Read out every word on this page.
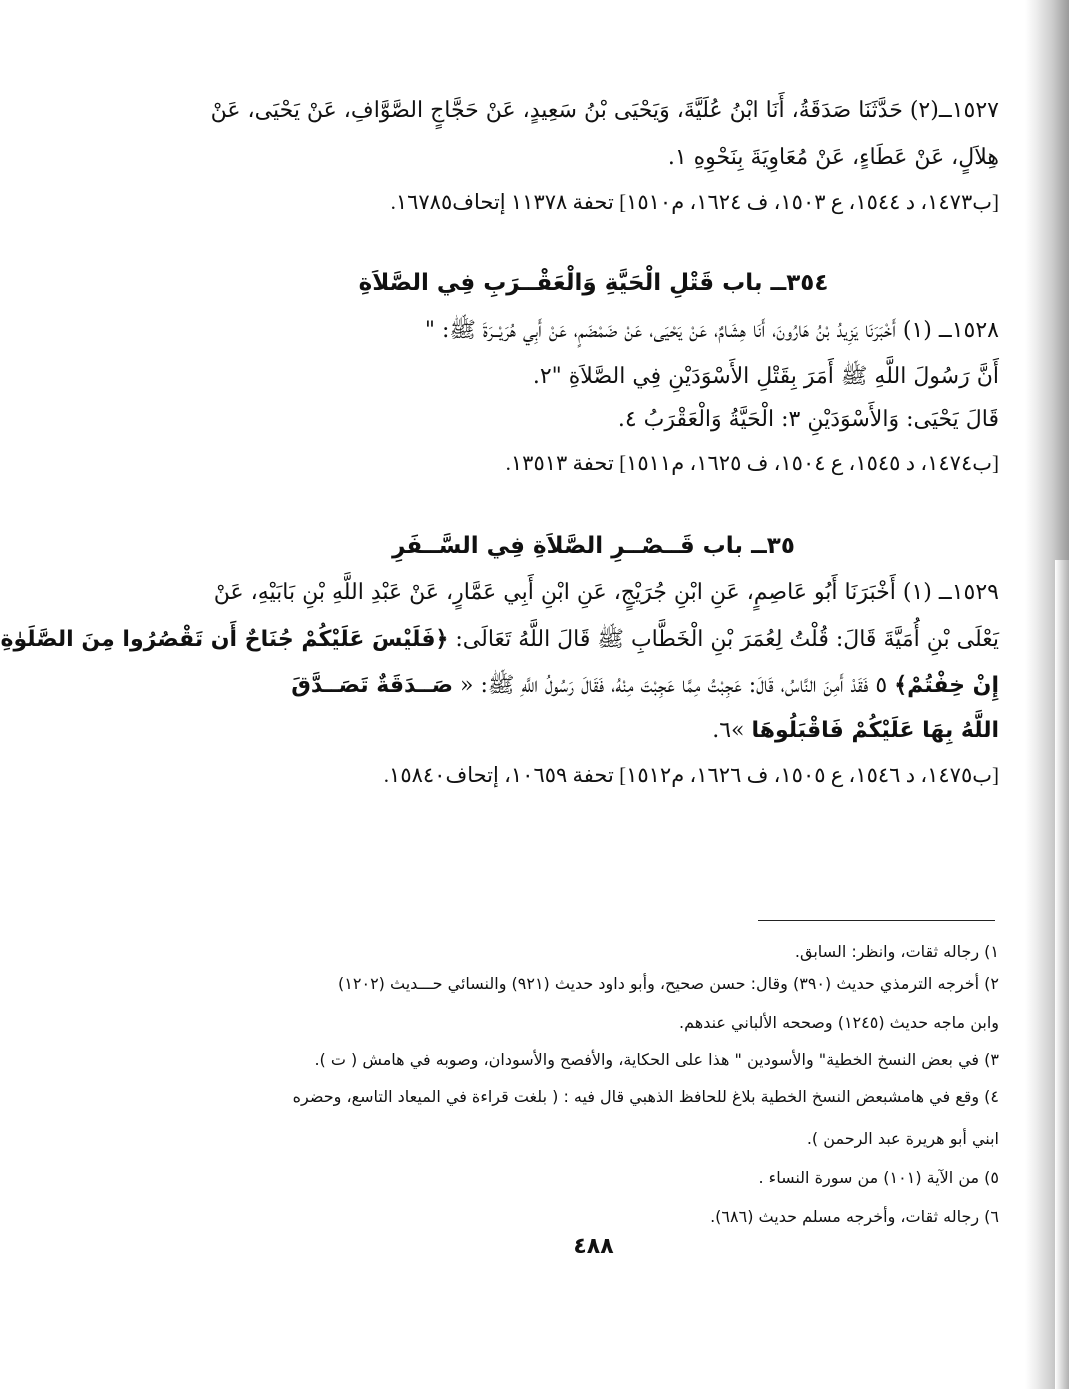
١٥٢٧ــ(٢) حَدَّثَنَا صَدَقَةُ، أَنَا ابْنُ عُلَيَّةَ، وَيَحْيَى بْنُ سَعِيدٍ، عَنْ حَجَّاجٍ الصَّوَّافِ، عَنْ يَحْيَى، عَنْ
هِلاَلٍ، عَنْ عَطَاءٍ، عَنْ مُعَاوِيَةَ بِنَحْوِهِ ١.
[ب١٤٧٣، د ١٥٤٤، ع ١٥٠٣، ف ١٦٢٤، م١٥١٠] تحفة ١١٣٧٨ إتحاف١٦٧٨٥.
٣٥٤ــ باب قَتْلِ الْحَيَّةِ وَالْعَقْــرَبِ فِي الصَّلاَةِ
١٥٢٨ــ (١) أَخْبَرَنَا يَزِيدُ بْنُ هَارُونَ، أَنَا هِشَامٌ، عَنْ يَحْيَى، عَنْ ضَمْضَمٍ، عَنْ أَبِي هُرَيْــرَةَ ﷺ: "
أَنَّ رَسُولَ اللَّهِ ﷺ أَمَرَ بِقَتْلِ الأَسْوَدَيْنِ فِي الصَّلاَةِ "٢.
قَالَ يَحْيَى: وَالأَسْوَدَيْنِ ٣: الْحَيَّةُ وَالْعَقْرَبُ ٤.
[ب١٤٧٤، د ١٥٤٥، ع ١٥٠٤، ف ١٦٢٥، م١٥١١] تحفة ١٣٥١٣.
٣٥ــ باب قَــصْــرِ الصَّلاَةِ فِي السَّــفَرِ
١٥٢٩ــ (١) أَخْبَرَنَا أَبُو عَاصِمٍ، عَنِ ابْنِ جُرَيْجٍ، عَنِ ابْنِ أَبِي عَمَّارٍ، عَنْ عَبْدِ اللَّهِ بْنِ بَابَيْهِ، عَنْ
يَعْلَى بْنِ أُمَيَّةَ قَالَ: قُلْتُ لِعُمَرَ بْنِ الْخَطَّابِ ﷺ قَالَ اللَّهُ تَعَالَى: ﴿فَلَيْسَ عَلَيْكُمْ جُنَاحٌ أَن تَقْصُرُوا مِنَ الصَّلَوٰةِ
إِنْ خِفْتُمْ﴾ ٥ فَقَدْ أَمِنَ النَّاسُ، قَالَ: عَجِبْتُ مِمَّا عَجِبْتَ مِنْهُ، فَقَالَ رَسُولُ اللَّهِ ﷺ: « صَــدَقَةٌ تَصَــدَّقَ
اللَّهُ بِهَا عَلَيْكُمْ فَاقْبَلُوهَا »٦.
[ب١٤٧٥، د ١٥٤٦، ع ١٥٠٥، ف ١٦٢٦، م١٥١٢] تحفة ١٠٦٥٩، إتحاف١٥٨٤٠.
١) رجاله ثقات، وانظر: السابق.
٢) أخرجه الترمذي حديث (٣٩٠) وقال: حسن صحيح، وأبو داود حديث (٩٢١) والنسائي حـــديث (١٢٠٢)
وابن ماجه حديث (١٢٤٥) وصححه الألباني عندهم.
٣) في بعض النسخ الخطية" والأسودين " هذا على الحكاية، والأفصح والأسودان، وصوبه في هامش ( ت ).
٤) وقع في هامشبعض النسخ الخطية بلاغ للحافظ الذهبي قال فيه : ( بلغت قراءة في الميعاد التاسع، وحضره
ابني أبو هريرة عبد الرحمن ).
٥) من الآية (١٠١) من سورة النساء .
٦) رجاله ثقات، وأخرجه مسلم حديث (٦٨٦).
٤٨٨
